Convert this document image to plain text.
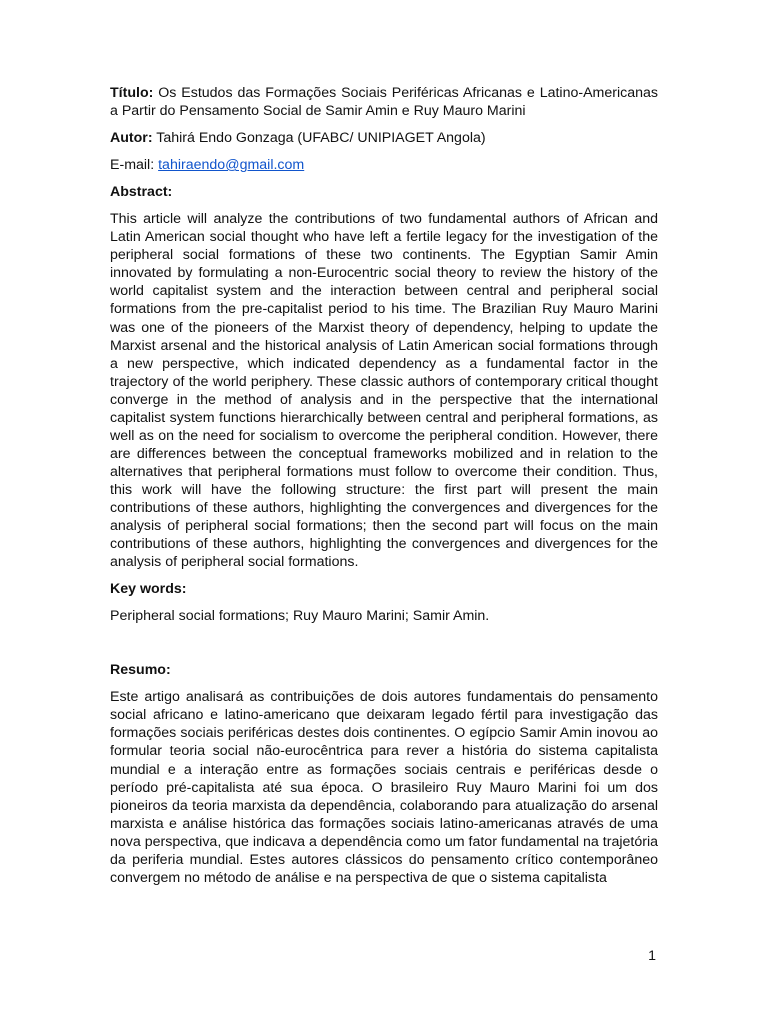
Título: Os Estudos das Formações Sociais Periféricas Africanas e Latino-Americanas a Partir do Pensamento Social de Samir Amin e Ruy Mauro Marini

Autor: Tahirá Endo Gonzaga (UFABC/ UNIPIAGET Angola)

E-mail: tahiraendo@gmail.com

Abstract:

This article will analyze the contributions of two fundamental authors of African and Latin American social thought who have left a fertile legacy for the investigation of the peripheral social formations of these two continents. The Egyptian Samir Amin innovated by formulating a non-Eurocentric social theory to review the history of the world capitalist system and the interaction between central and peripheral social formations from the pre-capitalist period to his time. The Brazilian Ruy Mauro Marini was one of the pioneers of the Marxist theory of dependency, helping to update the Marxist arsenal and the historical analysis of Latin American social formations through a new perspective, which indicated dependency as a fundamental factor in the trajectory of the world periphery. These classic authors of contemporary critical thought converge in the method of analysis and in the perspective that the international capitalist system functions hierarchically between central and peripheral formations, as well as on the need for socialism to overcome the peripheral condition. However, there are differences between the conceptual frameworks mobilized and in relation to the alternatives that peripheral formations must follow to overcome their condition. Thus, this work will have the following structure: the first part will present the main contributions of these authors, highlighting the convergences and divergences for the analysis of peripheral social formations; then the second part will focus on the main contributions of these authors, highlighting the convergences and divergences for the analysis of peripheral social formations.

Key words:

Peripheral social formations; Ruy Mauro Marini; Samir Amin.

Resumo:

Este artigo analisará as contribuições de dois autores fundamentais do pensamento social africano e latino-americano que deixaram legado fértil para investigação das formações sociais periféricas destes dois continentes. O egípcio Samir Amin inovou ao formular teoria social não-eurocêntrica para rever a história do sistema capitalista mundial e a interação entre as formações sociais centrais e periféricas desde o período pré-capitalista até sua época. O brasileiro Ruy Mauro Marini foi um dos pioneiros da teoria marxista da dependência, colaborando para atualização do arsenal marxista e análise histórica das formações sociais latino-americanas através de uma nova perspectiva, que indicava a dependência como um fator fundamental na trajetória da periferia mundial. Estes autores clássicos do pensamento crítico contemporâneo convergem no método de análise e na perspectiva de que o sistema capitalista

1
